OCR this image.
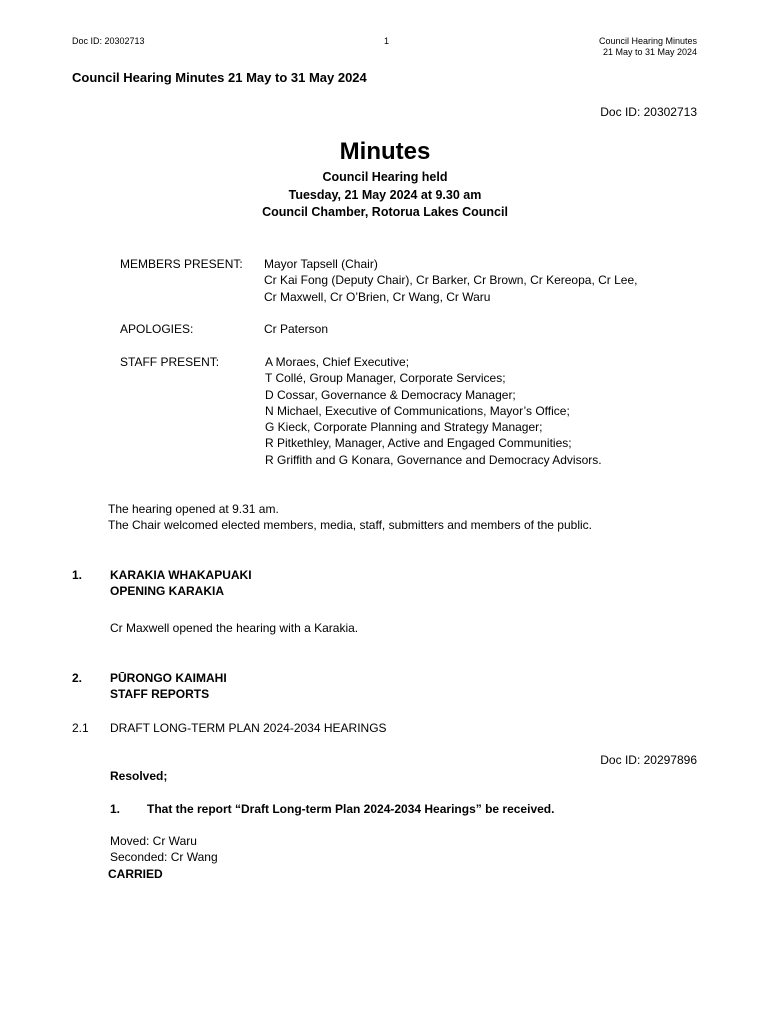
Doc ID: 20302713	1	Council Hearing Minutes
21 May to 31 May 2024
Council Hearing Minutes 21 May to 31 May 2024
Doc ID: 20302713
Minutes
Council Hearing held
Tuesday, 21 May 2024 at 9.30 am
Council Chamber, Rotorua Lakes Council
MEMBERS PRESENT: Mayor Tapsell (Chair)
Cr Kai Fong (Deputy Chair), Cr Barker, Cr Brown, Cr Kereopa, Cr Lee,
Cr Maxwell, Cr O’Brien, Cr Wang, Cr Waru
APOLOGIES:	Cr Paterson
STAFF PRESENT:	A Moraes, Chief Executive;
T Collé, Group Manager, Corporate Services;
D Cossar, Governance & Democracy Manager;
N Michael, Executive of Communications, Mayor’s Office;
G Kieck, Corporate Planning and Strategy Manager;
R Pitkethley, Manager, Active and Engaged Communities;
R Griffith and G Konara, Governance and Democracy Advisors.
The hearing opened at 9.31 am.
The Chair welcomed elected members, media, staff, submitters and members of the public.
1. KARAKIA WHAKAPUAKI
OPENING KARAKIA
Cr Maxwell opened the hearing with a Karakia.
2. PŪRONGO KAIMAHI
STAFF REPORTS
2.1 DRAFT LONG-TERM PLAN 2024-2034 HEARINGS
Doc ID: 20297896
Resolved;
1. That the report “Draft Long-term Plan 2024-2034 Hearings” be received.
Moved: Cr Waru
Seconded: Cr Wang
CARRIED
